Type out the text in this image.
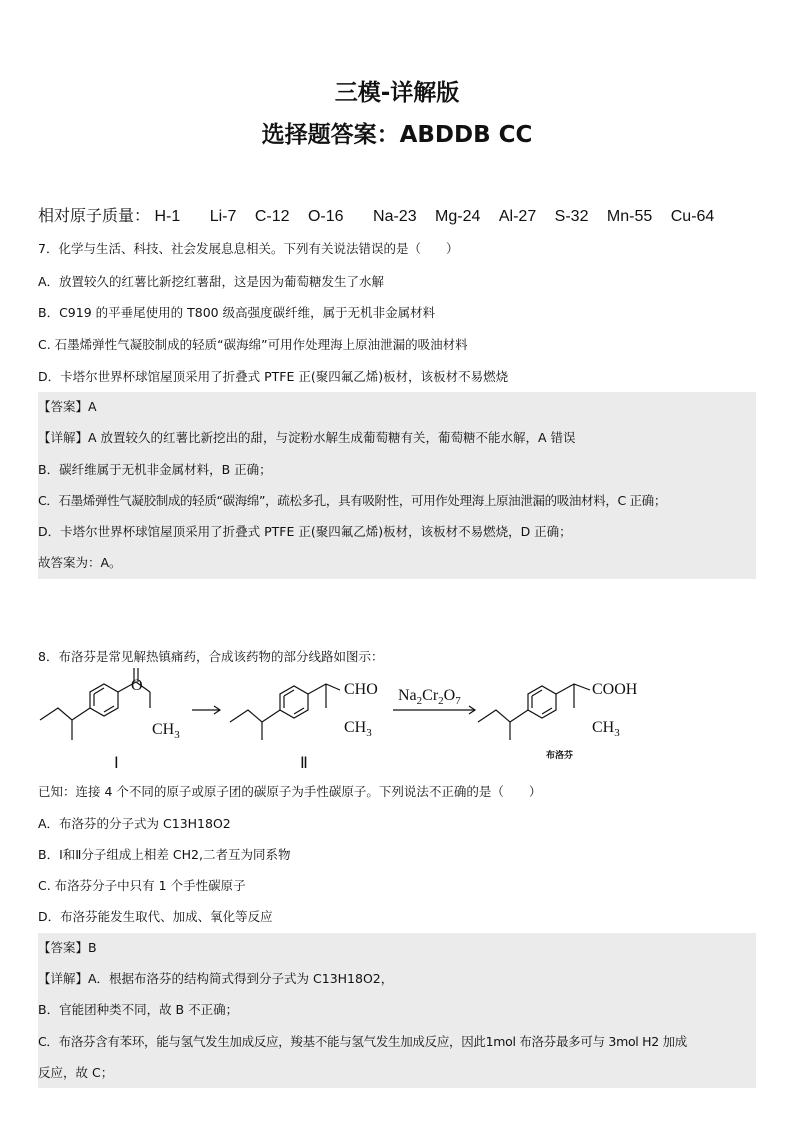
三模-详解版
选择题答案：ABDDB CC
相对原子质量： H-1 Li-7 C-12 O-16 Na-23 Mg-24 Al-27 S-32 Mn-55 Cu-64
7．化学与生活、科技、社会发展息息相关。下列有关说法错误的是（　　）
A．放置较久的红薯比新挖红薯甜，这是因为葡萄糖发生了水解
B．C919 的平垂尾使用的 T800 级高强度碳纤维，属于无机非金属材料
C. 石墨烯弹性气凝胶制成的轻质“碳海绵”可用作处理海上原油泄漏的吸油材料
D．卡塔尔世界杯球馆屋顶采用了折叠式 PTFE 正(聚四氟乙烯)板材，该板材不易燃烧
【答案】A
【详解】A 放置较久的红薯比新挖出的甜，与淀粉水解生成葡萄糖有关，葡萄糖不能水解，A 错误
B．碳纤维属于无机非金属材料，B 正确；
C．石墨烯弹性气凝胶制成的轻质“碳海绵”，疏松多孔，具有吸附性，可用作处理海上原油泄漏的吸油材料，C 正确；
D．卡塔尔世界杯球馆屋顶采用了折叠式 PTFE 正(聚四氟乙烯)板材，该板材不易燃烧，D 正确；
故答案为：A。
8．布洛芬是常见解热镇痛药，合成该药物的部分线路如图示：
O
$CH_3$
Ⅰ
CHO
$CH_3$
Ⅱ
$Na_2Cr_2O_7$
COOH
$CH_3$
布洛芬
已知：连接 4 个不同的原子或原子团的碳原子为手性碳原子。下列说法不正确的是（　　）
A．布洛芬的分子式为 C13H18O2
B．Ⅰ和Ⅱ分子组成上相差 CH2,二者互为同系物
C. 布洛芬分子中只有 1 个手性碳原子
D．布洛芬能发生取代、加成、氧化等反应
【答案】B
【详解】A．根据布洛芬的结构简式得到分子式为 C13H18O2，
B．官能团种类不同，故 B 不正确；
C．布洛芬含有苯环，能与氢气发生加成反应，羧基不能与氢气发生加成反应，因此1mol 布洛芬最多可与 3mol H2 加成
反应，故 C；
